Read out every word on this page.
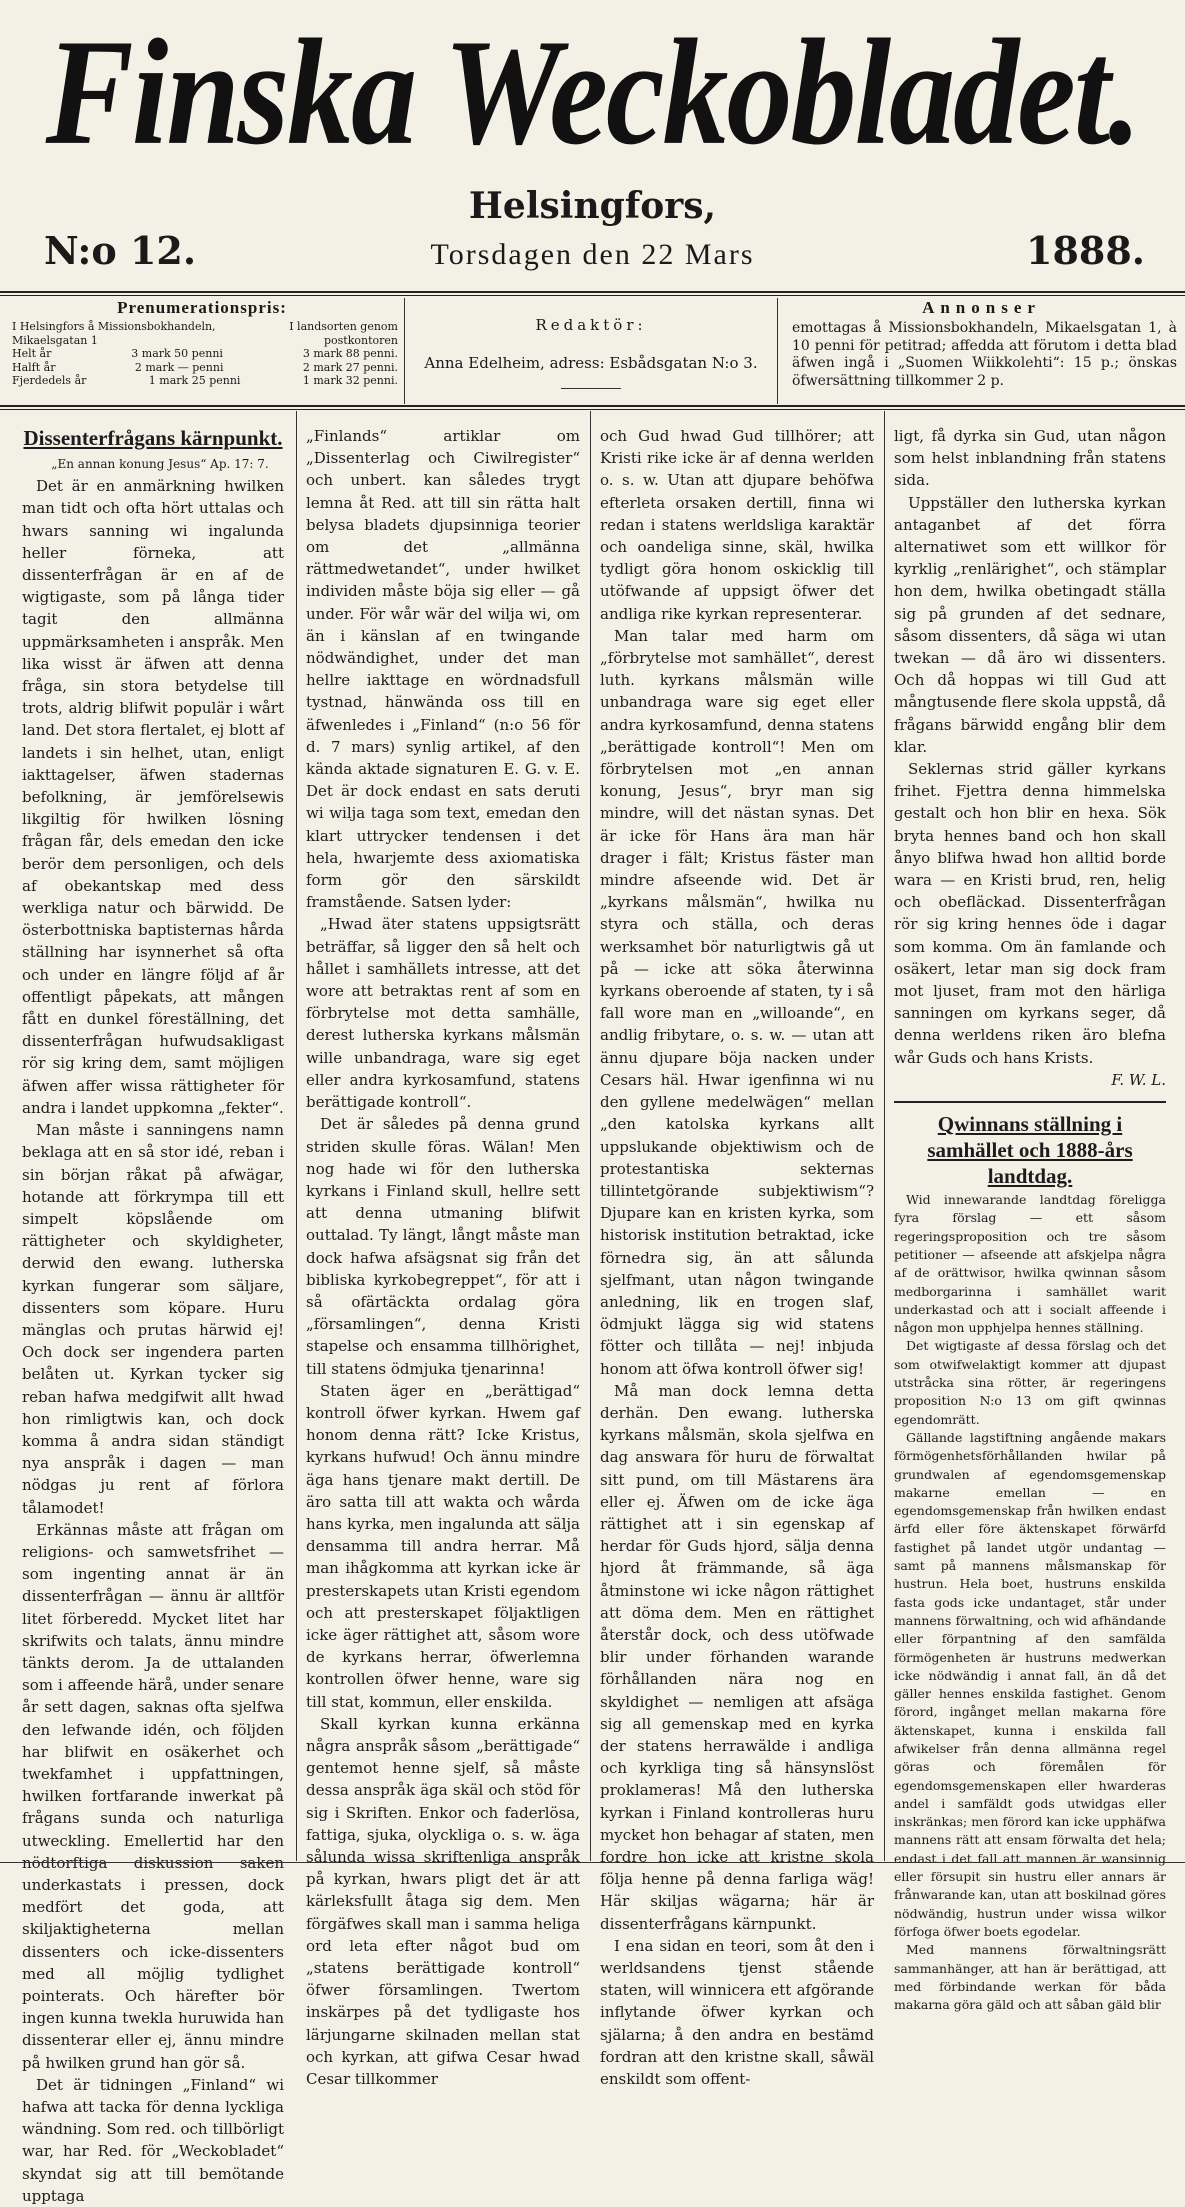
Finska Weckobladet.
Helsingfors,
N:o 12.	Torsdagen den 22 Mars	1888.
Prenumerationspris:
I Helsingfors å Missionsbokhandeln, Mikaelsgatan 1
I landsorten genom postkontoren
Helt år	3 mark 50 penni	3 mark 88 penni.
Halft år	2 mark — penni	2 mark 27 penni.
Fjerdedels år	1 mark 25 penni	1 mark 32 penni.
Redaktör:
Anna Edelheim, adress: Esbådsgatan N:o 3.
Annonser
emottagas å Missionsbokhandeln, Mikaelsgatan 1, à 10 penni för petitrad; affedda att förutom i detta blad äfwen ingå i „Suomen Wiikkolehti“: 15 p.; önskas öfwersättning tillkommer 2 p.
Dissenterfrågans kärnpunkt.

„En annan konung Jesus“ Ap. 17: 7.

Det är en anmärkning hwilken man tidt och ofta hört uttalas och hwars sanning wi ingalunda heller förneka, att dissenterfrågan är en af de wigtigaste, som på långa tider tagit den allmänna uppmärksamheten i anspråk. Men lika wisst är äfwen att denna fråga, sin stora betydelse till trots, aldrig blifwit populär i wårt land. Det stora flertalet, ej blott af landets i sin helhet, utan, enligt iakttagelser, äfwen stadernas befolkning, är jemförelsewis likgiltig för hwilken lösning frågan får, dels emedan den icke berör dem personligen, och dels af obekantskap med dess werkliga natur och bärwidd. De österbottniska baptisternas hårda ställning har isynnerhet så ofta och under en längre följd af år offentligt påpekats, att mången fått en dunkel föreställning, det dissenterfrågan hufwudsakligast rör sig kring dem, samt möjligen äfwen affer wissa rättigheter för andra i landet uppkomna „fekter“.

Man måste i sanningens namn beklaga att en så stor idé, reban i sin början råkat på afwägar, hotande att förkrympa till ett simpelt köpslående om rättigheter och skyldigheter, derwid den ewang. lutherska kyrkan fungerar som säljare, dissenters som köpare. Huru mänglas och prutas härwid ej! Och dock ser ingendera parten belåten ut. Kyrkan tycker sig reban hafwa medgifwit allt hwad hon rimligtwis kan, och dock komma å andra sidan ständigt nya anspråk i dagen — man nödgas ju rent af förlora tålamodet!

Erkännas måste att frågan om religions- och samwetsfrihet — som ingenting annat är än dissenterfrågan — ännu är alltför litet förberedd. Mycket litet har skrifwits och talats, ännu mindre tänkts derom. Ja de uttalanden som i affeende härå, under senare år sett dagen, saknas ofta sjelfwa den lefwande idén, och följden har blifwit en osäkerhet och twekfamhet i uppfattningen, hwilken fortfarande inwerkat på frågans sunda och naturliga utweckling. Emellertid har den nödtorftiga diskussion saken underkastats i pressen, dock medfört det goda, att skiljaktigheterna mellan dissenters och icke-dissenters med all möjlig tydlighet pointerats. Och härefter bör ingen kunna twekla huruwida han dissenterar eller ej, ännu mindre på hwilken grund han gör så.

Det är tidningen „Finland“ wi hafwa att tacka för denna lyckliga wändning. Som red. och tillbörligt war, har Red. för „Weckobladet“ skyndat sig att till bemötande upptaga

„Finlands“ artiklar om „Dissenterlag och Ciwilregister“ och unbert. kan således trygt lemna åt Red. att till sin rätta halt belysa bladets djupsinniga teorier om det „allmänna rättmedwetandet“, under hwilket individen måste böja sig eller — gå under. För wår wär del wilja wi, om än i känslan af en twingande nödwändighet, under det man hellre iakttage en wördnadsfull tystnad, hänwända oss till en äfwenledes i „Finland“ (n:o 56 för d. 7 mars) synlig artikel, af den kända aktade signaturen E. G. v. E. Det är dock endast en sats deruti wi wilja taga som text, emedan den klart uttrycker tendensen i det hela, hwarjemte dess axiomatiska form gör den särskildt framstående. Satsen lyder:

„Hwad äter statens uppsigtsrätt beträffar, så ligger den så helt och hållet i samhällets intresse, att det wore att betraktas rent af som en förbrytelse mot detta samhälle, derest lutherska kyrkans målsmän wille unbandraga, ware sig eget eller andra kyrkosamfund, statens berättigade kontroll“.

Det är således på denna grund striden skulle föras. Wälan! Men nog hade wi för den lutherska kyrkans i Finland skull, hellre sett att denna utmaning blifwit outtalad. Ty längt, långt måste man dock hafwa afsägsnat sig från det bibliska kyrkobegreppet“, för att i så ofärtäckta ordalag göra „församlingen“, denna Kristi stapelse och ensamma tillhörighet, till statens ödmjuka tjenarinna!

Staten äger en „berättigad“ kontroll öfwer kyrkan. Hwem gaf honom denna rätt? Icke Kristus, kyrkans hufwud! Och ännu mindre äga hans tjenare makt dertill. De äro satta till att wakta och wårda hans kyrka, men ingalunda att sälja densamma till andra herrar. Må man ihågkomma att kyrkan icke är presterskapets utan Kristi egendom och att presterskapet följaktligen icke äger rättighet att, såsom wore de kyrkans herrar, öfwerlemna kontrollen öfwer henne, ware sig till stat, kommun, eller enskilda.

Skall kyrkan kunna erkänna några anspråk såsom „berättigade“ gentemot henne sjelf, så måste dessa anspråk äga skäl och stöd för sig i Skriften. Enkor och faderlösa, fattiga, sjuka, olyckliga o. s. w. äga sålunda wissa skriftenliga anspråk på kyrkan, hwars pligt det är att kärleksfullt åtaga sig dem. Men förgäfwes skall man i samma heliga ord leta efter något bud om „statens berättigade kontroll“ öfwer församlingen. Twertom inskärpes på det tydligaste hos lärjungarne skilnaden mellan stat och kyrkan, att gifwa Cesar hwad Cesar tillkommer

och Gud hwad Gud tillhörer; att Kristi rike icke är af denna werlden o. s. w. Utan att djupare behöfwa efterleta orsaken dertill, finna wi redan i statens werldsliga karaktär och oandeliga sinne, skäl, hwilka tydligt göra honom oskicklig till utöfwande af uppsigt öfwer det andliga rike kyrkan representerar.

Man talar med harm om „förbrytelse mot samhället“, derest luth. kyrkans målsmän wille unbandraga ware sig eget eller andra kyrkosamfund, denna statens „berättigade kontroll“! Men om förbrytelsen mot „en annan konung, Jesus“, bryr man sig mindre, will det nästan synas. Det är icke för Hans ära man här drager i fält; Kristus fäster man mindre afseende wid. Det är „kyrkans målsmän“, hwilka nu styra och ställa, och deras werksamhet bör naturligtwis gå ut på — icke att söka återwinna kyrkans oberoende af staten, ty i så fall wore man en „willoande“, en andlig fribytare, o. s. w. — utan att ännu djupare böja nacken under Cesars häl. Hwar igenfinna wi nu den gyllene medelwägen“ mellan „den katolska kyrkans allt uppslukande objektiwism och de protestantiska sekternas tillintetgörande subjektiwism“? Djupare kan en kristen kyrka, som historisk institution betraktad, icke förnedra sig, än att sålunda sjelfmant, utan någon twingande anledning, lik en trogen slaf, ödmjukt lägga sig wid statens fötter och tillåta — nej! inbjuda honom att öfwa kontroll öfwer sig!

Må man dock lemna detta derhän. Den ewang. lutherska kyrkans målsmän, skola sjelfwa en dag answara för huru de förwaltat sitt pund, om till Mästarens ära eller ej. Äfwen om de icke äga rättighet att i sin egenskap af herdar för Guds hjord, sälja denna hjord åt främmande, så äga åtminstone wi icke någon rättighet att döma dem. Men en rättighet återstår dock, och dess utöfwade blir under förhanden warande förhållanden nära nog en skyldighet — nemligen att afsäga sig all gemenskap med en kyrka der statens herrawälde i andliga och kyrkliga ting så hänsynslöst proklameras! Må den lutherska kyrkan i Finland kontrolleras huru mycket hon behagar af staten, men fordre hon icke att kristne skola följa henne på denna farliga wäg! Här skiljas wägarna; här är dissenterfrågans kärnpunkt.

I ena sidan en teori, som åt den i werldsandens tjenst stående staten, will winnicera ett afgörande inflytande öfwer kyrkan och själarna; å den andra en bestämd fordran att den kristne skall, såwäl enskildt som offent-

ligt, få dyrka sin Gud, utan någon som helst inblandning från statens sida.

Uppställer den lutherska kyrkan antaganbet af det förra alternatiwet som ett willkor för kyrklig „renlärighet“, och stämplar hon dem, hwilka obetingadt ställa sig på grunden af det sednare, såsom dissenters, då säga wi utan twekan — då äro wi dissenters. Och då hoppas wi till Gud att mångtusende flere skola uppstå, då frågans bärwidd engång blir dem klar.

Seklernas strid gäller kyrkans frihet. Fjettra denna himmelska gestalt och hon blir en hexa. Sök bryta hennes band och hon skall ånyo blifwa hwad hon alltid borde wara — en Kristi brud, ren, helig och obefläckad. Dissenterfrågan rör sig kring hennes öde i dagar som komma. Om än famlande och osäkert, letar man sig dock fram mot ljuset, fram mot den härliga sanningen om kyrkans seger, då denna werldens riken äro blefna wår Guds och hans Krists.

F. W. L.

Qwinnans ställning i samhället och 1888-års landtdag.

Wid innewarande landtdag föreligga fyra förslag — ett såsom regeringsproposition och tre såsom petitioner — afseende att afskjelpa några af de orättwisor, hwilka qwinnan såsom medborgarinna i samhället warit underkastad och att i socialt affeende i någon mon upphjelpa hennes ställning.

Det wigtigaste af dessa förslag och det som otwifwelaktigt kommer att djupast utstråcka sina rötter, är regeringens proposition N:o 13 om gift qwinnas egendomrätt.

Gällande lagstiftning angående makars förmögenhetsförhållanden hwilar på grundwalen af egendomsgemenskap makarne emellan — en egendomsgemenskap från hwilken endast ärfd eller före äktenskapet förwärfd fastighet på landet utgör undantag — samt på mannens målsmanskap för hustrun. Hela boet, hustruns enskilda fasta gods icke undantaget, står under mannens förwaltning, och wid afhändande eller förpantning af den samfälda förmögenheten är hustruns medwerkan icke nödwändig i annat fall, än då det gäller hennes enskilda fastighet. Genom förord, ingånget mellan makarna före äktenskapet, kunna i enskilda fall afwikelser från denna allmänna regel göras och föremålen för egendomsgemenskapen eller hwarderas andel i samfäldt gods utwidgas eller inskränkas; men förord kan icke upphäfwa mannens rätt att ensam förwalta det hela; endast i det fall att mannen är wansinnig eller försupit sin hustru eller annars är frånwarande kan, utan att boskilnad göres nödwändig, hustrun under wissa wilkor förfoga öfwer boets egodelar.

Med mannens förwaltningsrätt sammanhänger, att han är berättigad, att med förbindande werkan för båda makarna göra gäld och att såban gäld blir
